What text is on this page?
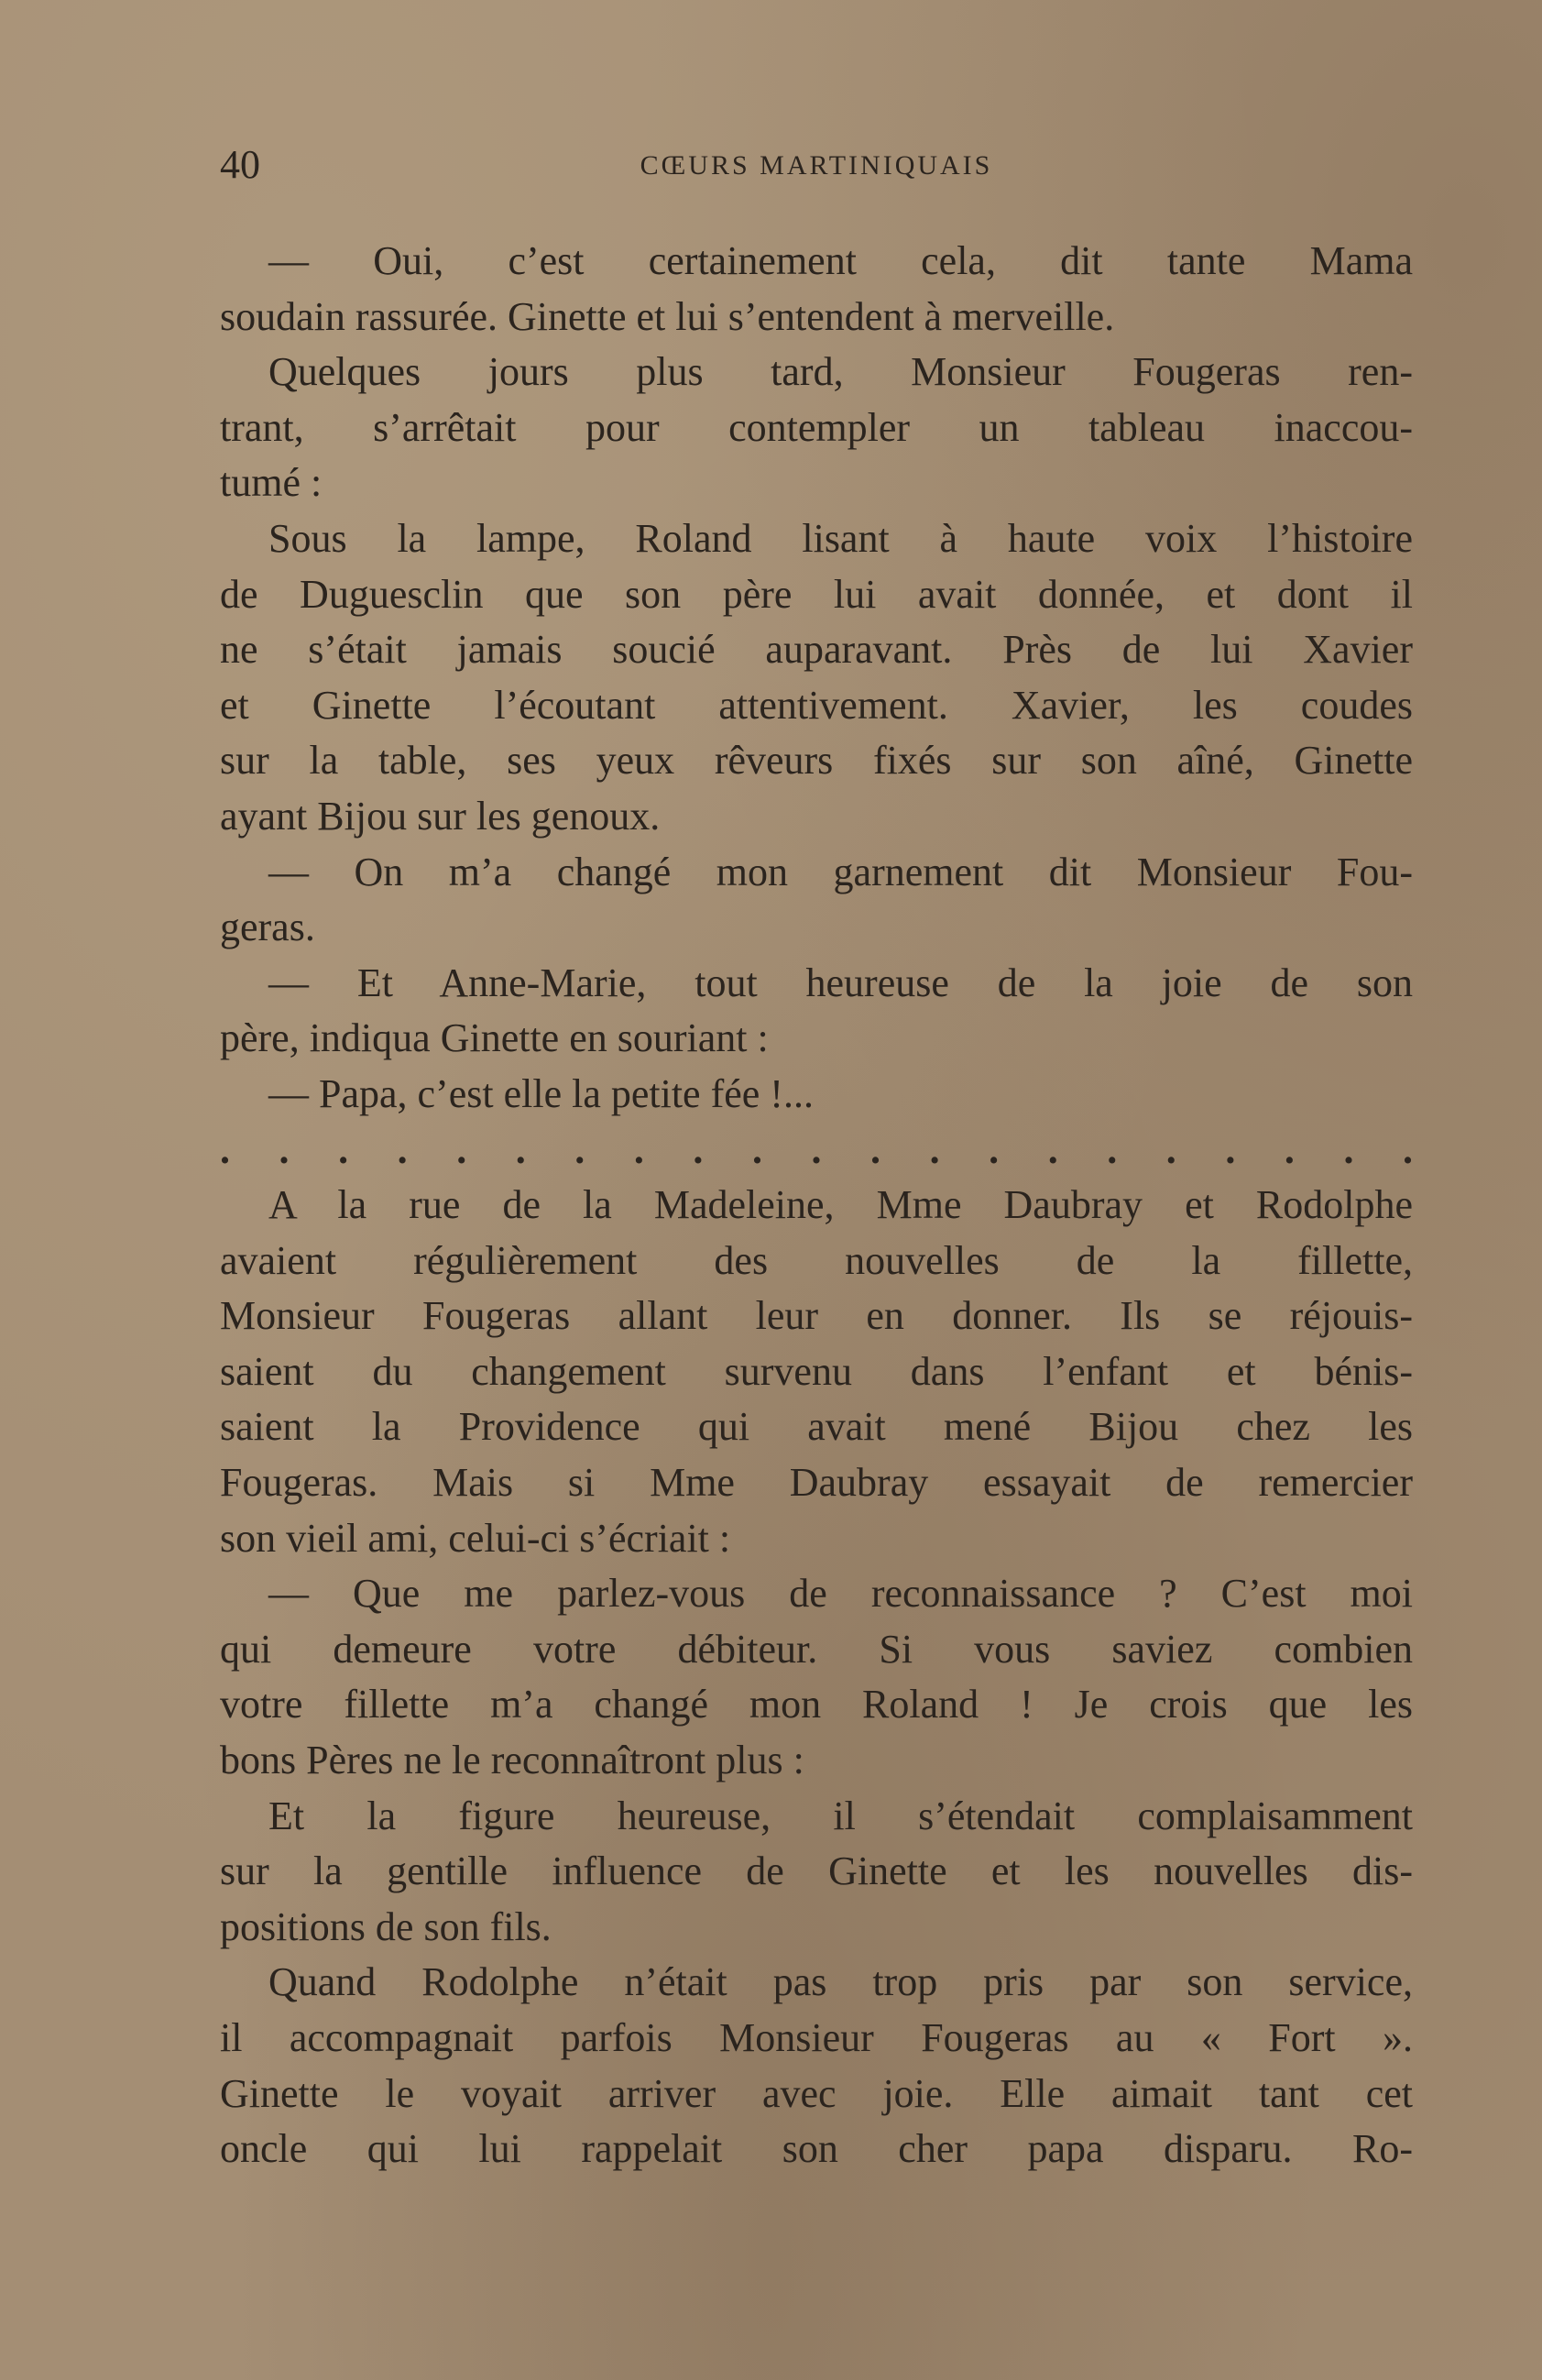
40	CŒURS MARTINIQUAIS
— Oui, c’est certainement cela, dit tante Mama
soudain rassurée. Ginette et lui s’entendent à merveille.
Quelques jours plus tard, Monsieur Fougeras ren-
trant, s’arrêtait pour contempler un tableau inaccou-
tumé :
Sous la lampe, Roland lisant à haute voix l’histoire
de Duguesclin que son père lui avait donnée, et dont il
ne s’était jamais soucié auparavant. Près de lui Xavier
et Ginette l’écoutant attentivement. Xavier, les coudes
sur la table, ses yeux rêveurs fixés sur son aîné, Ginette
ayant Bijou sur les genoux.
— On m’a changé mon garnement dit Monsieur Fou-
geras.
— Et Anne-Marie, tout heureuse de la joie de son
père, indiqua Ginette en souriant :
— Papa, c’est elle la petite fée !...
. . . . . . . . . . . . . . . . . . . . .
A la rue de la Madeleine, Mme Daubray et Rodolphe
avaient régulièrement des nouvelles de la fillette,
Monsieur Fougeras allant leur en donner. Ils se réjouis-
saient du changement survenu dans l’enfant et bénis-
saient la Providence qui avait mené Bijou chez les
Fougeras. Mais si Mme Daubray essayait de remercier
son vieil ami, celui-ci s’écriait :
— Que me parlez-vous de reconnaissance ? C’est moi
qui demeure votre débiteur. Si vous saviez combien
votre fillette m’a changé mon Roland ! Je crois que les
bons Pères ne le reconnaîtront plus :
Et la figure heureuse, il s’étendait complaisamment
sur la gentille influence de Ginette et les nouvelles dis-
positions de son fils.
Quand Rodolphe n’était pas trop pris par son service,
il accompagnait parfois Monsieur Fougeras au « Fort ».
Ginette le voyait arriver avec joie. Elle aimait tant cet
oncle qui lui rappelait son cher papa disparu. Ro-
